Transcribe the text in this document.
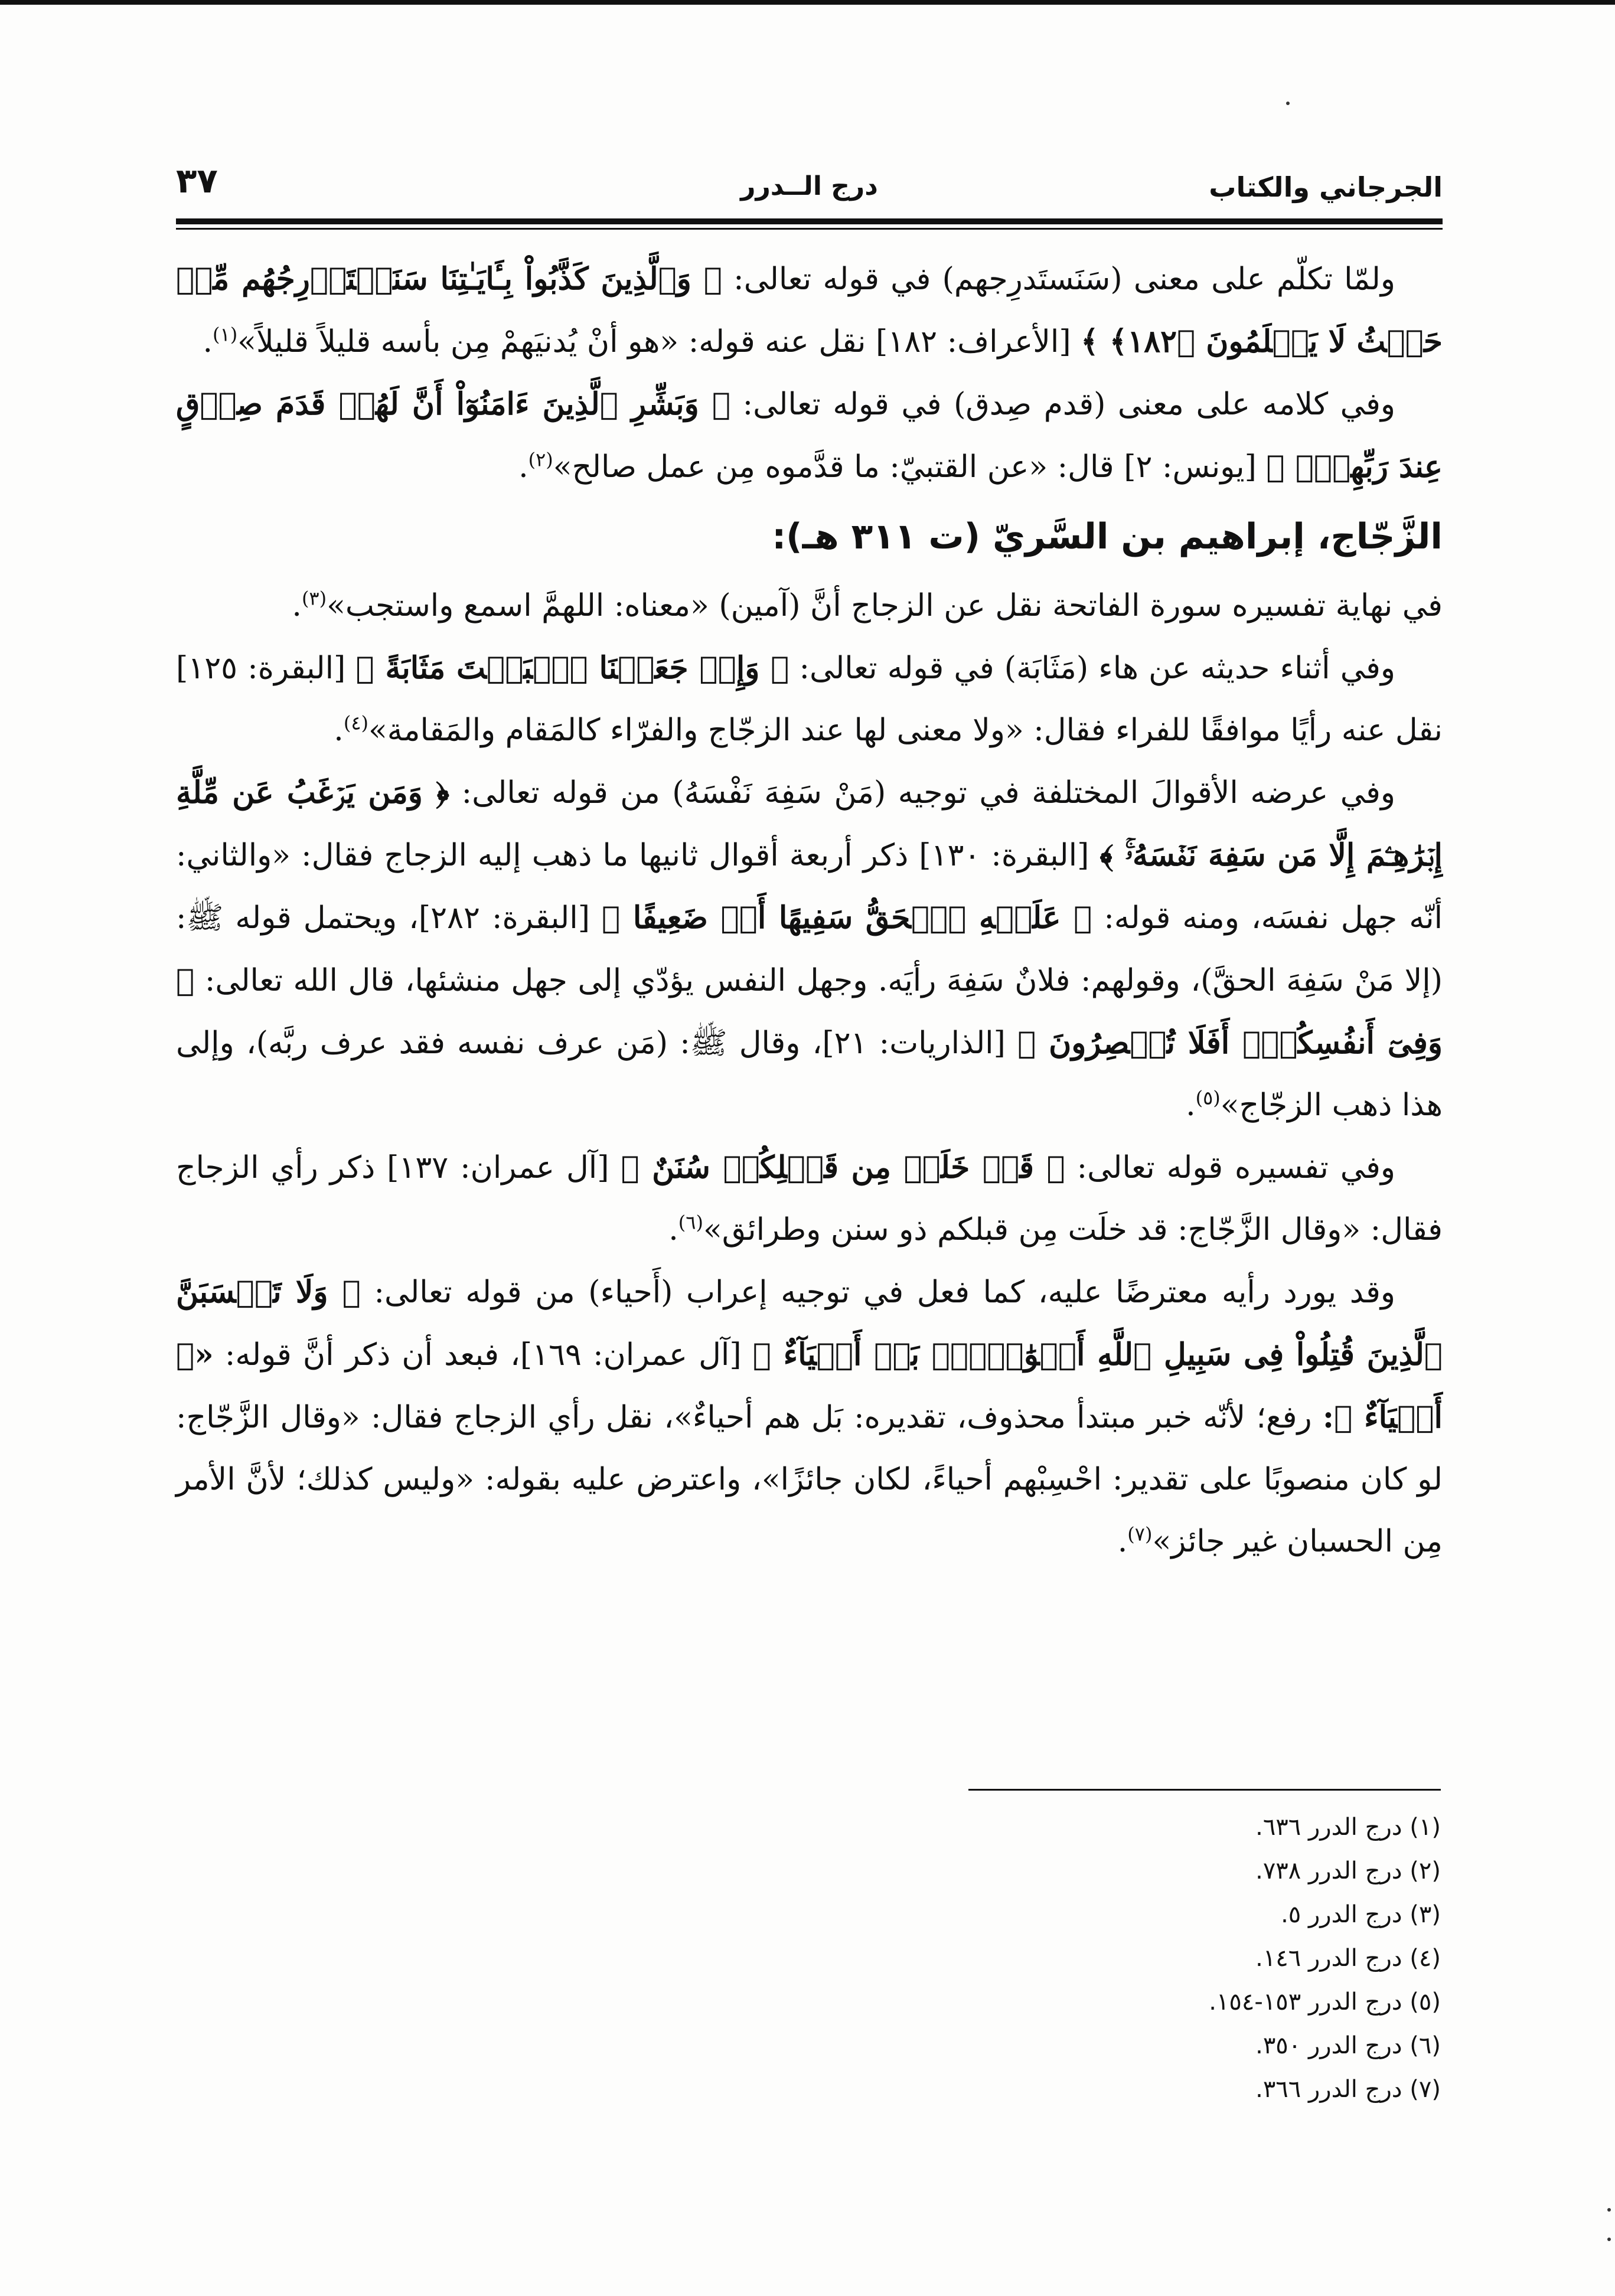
الجرجاني والكتاب
درج الــدرر
٣٧

ولمّا تكلّم على معنى (سَنَستَدرِجهم) في قوله تعالى: ﴿ وَٱلَّذِينَ كَذَّبُواْ بِـَٔايَـٰتِنَا سَنَسۡتَدۡرِجُهُم مِّنۡ حَيۡثُ لَا يَعۡلَمُونَ ﴿١٨٢﴾ ﴾ [الأعراف: ١٨٢] نقل عنه قوله: «هو أنْ يُدنيَهمْ مِن بأسه قليلاً قليلاً»$^{(١)}$.

وفي كلامه على معنى (قدم صِدق) في قوله تعالى: ﴿ وَبَشِّرِ ٱلَّذِينَ ءَامَنُوٓاْ أَنَّ لَهُمۡ قَدَمَ صِدۡقٍ عِندَ رَبِّهِمۡۗ ﴾ [يونس: ٢] قال: «عن القتبيّ: ما قدَّموه مِن عمل صالح»$^{(٢)}$.

الزَّجّاج، إبراهيم بن السَّريّ (ت ٣١١ هـ):

في نهاية تفسيره سورة الفاتحة نقل عن الزجاج أنَّ (آمين) «معناه: اللهمَّ اسمع واستجب»$^{(٣)}$.

وفي أثناء حديثه عن هاء (مَثَابَة) في قوله تعالى: ﴿ وَإِذۡ جَعَلۡنَا ٱلۡبَيۡتَ مَثَابَةً ﴾ [البقرة: ١٢٥] نقل عنه رأيًا موافقًا للفراء فقال: «ولا معنى لها عند الزجّاج والفرّاء كالمَقام والمَقامة»$^{(٤)}$.

وفي عرضه الأقوالَ المختلفة في توجيه (مَنْ سَفِهَ نَفْسَهُ) من قوله تعالى: ﴿ وَمَن يَرۡغَبُ عَن مِّلَّةِ إِبۡرَٰهِـۧمَ إِلَّا مَن سَفِهَ نَفۡسَهُۥۚ ﴾ [البقرة: ١٣٠] ذكر أربعة أقوال ثانيها ما ذهب إليه الزجاج فقال: «والثاني: أنّه جهل نفسَه، ومنه قوله: ﴿ عَلَيۡهِ ٱلۡحَقُّ سَفِيهًا أَوۡ ضَعِيفًا ﴾ [البقرة: ٢٨٢]، ويحتمل قوله ﷺ: (إلا مَنْ سَفِهَ الحقَّ)، وقولهم: فلانٌ سَفِهَ رأيَه. وجهل النفس يؤدّي إلى جهل منشئها، قال الله تعالى: ﴿ وَفِىٓ أَنفُسِكُمۡۚ أَفَلَا تُبۡصِرُونَ ﴾ [الذاريات: ٢١]، وقال ﷺ: (مَن عرف نفسه فقد عرف ربَّه)، وإلى هذا ذهب الزجّاج»$^{(٥)}$.

وفي تفسيره قوله تعالى: ﴿ قَدۡ خَلَتۡ مِن قَبۡلِكُمۡ سُنَنٌ ﴾ [آل عمران: ١٣٧] ذكر رأي الزجاج فقال: «وقال الزَّجّاج: قد خلَت مِن قبلكم ذو سنن وطرائق»$^{(٦)}$.

وقد يورد رأيه معترضًا عليه، كما فعل في توجيه إعراب (أَحياء) من قوله تعالى: ﴿ وَلَا تَحۡسَبَنَّ ٱلَّذِينَ قُتِلُواْ فِى سَبِيلِ ٱللَّهِ أَمۡوَٰتَۢاۚ بَلۡ أَحۡيَآءٌ ﴾ [آل عمران: ١٦٩]، فبعد أن ذكر أنَّ قوله: «﴿ أَحۡيَآءٌ ﴾: رفع؛ لأنّه خبر مبتدأ محذوف، تقديره: بَل هم أحياءٌ»، نقل رأي الزجاج فقال: «وقال الزَّجّاج: لو كان منصوبًا على تقدير: احْسِبْهم أحياءً، لكان جائزًا»، واعترض عليه بقوله: «وليس كذلك؛ لأنَّ الأمر مِن الحسبان غير جائز»$^{(٧)}$.

(١) درج الدرر ٦٣٦.
(٢) درج الدرر ٧٣٨.
(٣) درج الدرر ٥.
(٤) درج الدرر ١٤٦.
(٥) درج الدرر ١٥٣-١٥٤.
(٦) درج الدرر ٣٥٠.
(٧) درج الدرر ٣٦٦.
